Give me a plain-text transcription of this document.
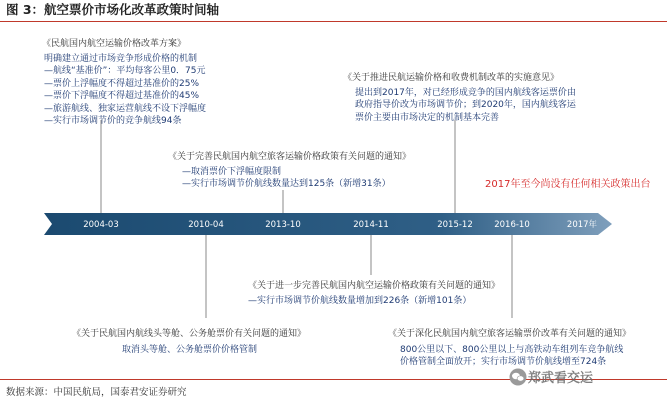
图 3：航空票价市场化改革政策时间轴
2004-03	2010-04	2013-10	2014-11	2015-12	2016-10	2017年
《民航国内航空运输价格改革方案》
明确建立通过市场竞争形成价格的机制
—航线“基准价”：平均每客公里0．75元
—票价上浮幅度不得超过基准价的25%
—票价下浮幅度不得超过基准价的45%
—旅游航线、独家运营航线不设下浮幅度
—实行市场调节价的竞争航线94条
《关于推进民航运输价格和收费机制改革的实施意见》
提出到2017年，对已经形成竞争的国内航线客运票价由
政府指导价改为市场调节价；到2020年，国内航线客运
票价主要由市场决定的机制基本完善
《关于完善民航国内航空旅客运输价格政策有关问题的通知》
—取消票价下浮幅度限制
—实行市场调节价航线数量达到125条（新增31条）	2017年至今尚没有任何相关政策出台
《关于进一步完善民航国内航空运输价格政策有关问题的通知》
—实行市场调节价航线数量增加到226条（新增101条）
《关于民航国内航线头等舱、公务舱票价有关问题的通知》
取消头等舱、公务舱票价价格管制
《关于深化民航国内航空旅客运输票价改革有关问题的通知》
800公里以下、800公里以上与高铁动车组列车竞争航线
价格管制全面放开；实行市场调节价航线增至724条
数据来源：中国民航局，国泰君安证券研究
郑武看交运
